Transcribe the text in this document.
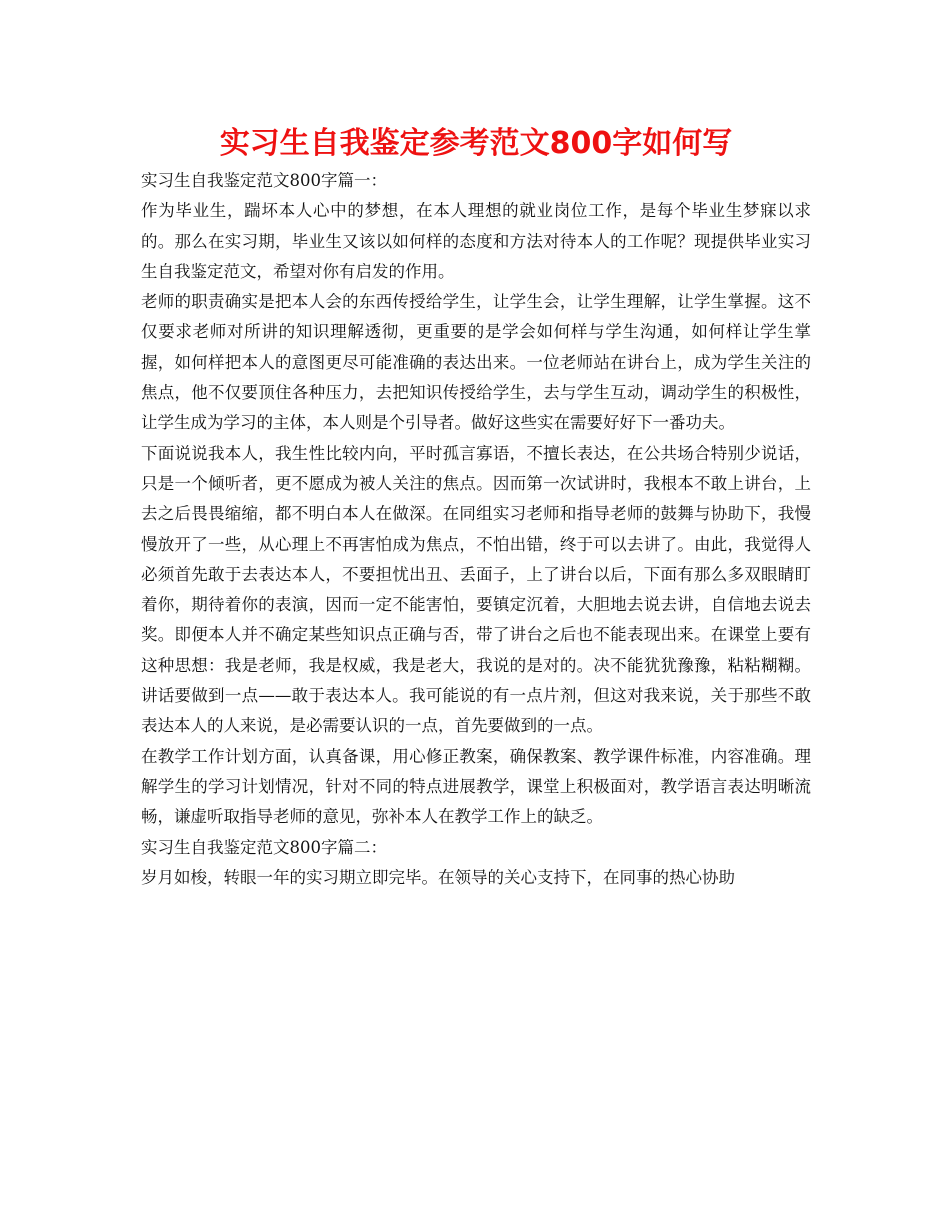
实习生自我鉴定参考范文800字如何写

实习生自我鉴定范文800字篇一：

作为毕业生，踹坏本人心中的梦想，在本人理想的就业岗位工作，是每个毕业生梦寐以求的。那么在实习期，毕业生又该以如何样的态度和方法对待本人的工作呢？现提供毕业实习生自我鉴定范文，希望对你有启发的作用。

老师的职责确实是把本人会的东西传授给学生，让学生会，让学生理解，让学生掌握。这不仅要求老师对所讲的知识理解透彻，更重要的是学会如何样与学生沟通，如何样让学生掌握，如何样把本人的意图更尽可能准确的表达出来。一位老师站在讲台上，成为学生关注的焦点，他不仅要顶住各种压力，去把知识传授给学生，去与学生互动，调动学生的积极性，让学生成为学习的主体，本人则是个引导者。做好这些实在需要好好下一番功夫。

下面说说我本人，我生性比较内向，平时孤言寡语，不擅长表达，在公共场合特别少说话，只是一个倾听者，更不愿成为被人关注的焦点。因而第一次试讲时，我根本不敢上讲台，上去之后畏畏缩缩，都不明白本人在做深。在同组实习老师和指导老师的鼓舞与协助下，我慢慢放开了一些，从心理上不再害怕成为焦点，不怕出错，终于可以去讲了。由此，我觉得人必须首先敢于去表达本人，不要担忧出丑、丢面子，上了讲台以后，下面有那么多双眼睛盯着你，期待着你的表演，因而一定不能害怕，要镇定沉着，大胆地去说去讲，自信地去说去奖。即便本人并不确定某些知识点正确与否，带了讲台之后也不能表现出来。在课堂上要有这种思想：我是老师，我是权威，我是老大，我说的是对的。决不能犹犹豫豫，粘粘糊糊。讲话要做到一点——敢于表达本人。我可能说的有一点片剂，但这对我来说，关于那些不敢表达本人的人来说，是必需要认识的一点，首先要做到的一点。

在教学工作计划方面，认真备课，用心修正教案，确保教案、教学课件标准，内容准确。理解学生的学习计划情况，针对不同的特点进展教学，课堂上积极面对，教学语言表达明晰流畅，谦虚听取指导老师的意见，弥补本人在教学工作上的缺乏。

实习生自我鉴定范文800字篇二：

岁月如梭，转眼一年的实习期立即完毕。在领导的关心支持下，在同事的热心协助
